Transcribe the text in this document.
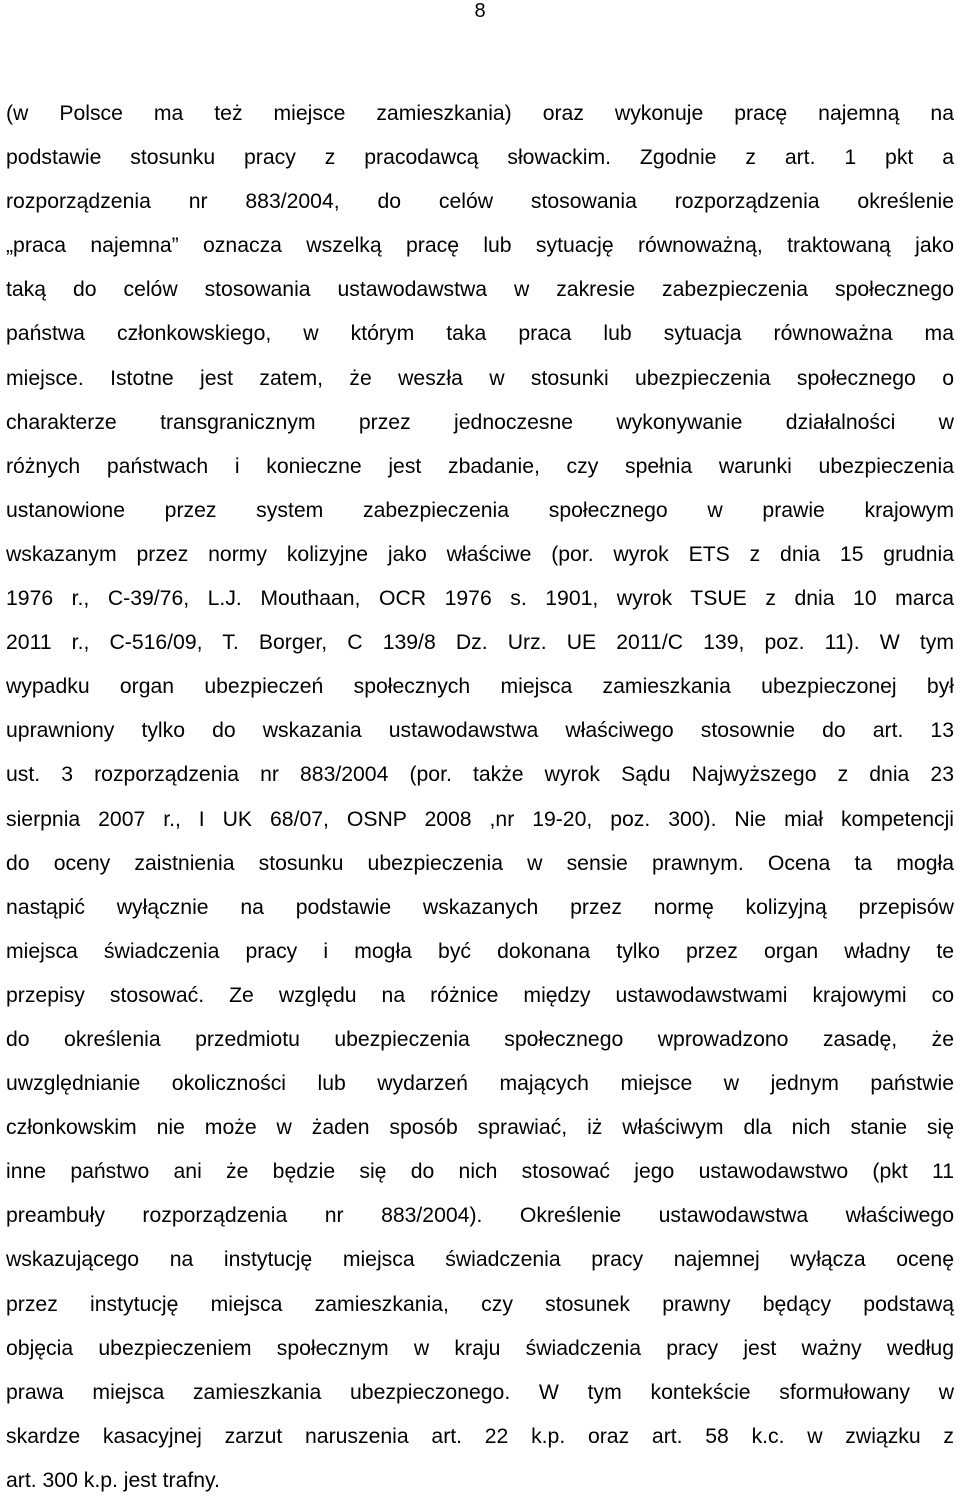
8

(w Polsce ma też miejsce zamieszkania) oraz wykonuje pracę najemną na
podstawie stosunku pracy z pracodawcą słowackim. Zgodnie z art. 1 pkt a
rozporządzenia nr 883/2004, do celów stosowania rozporządzenia określenie
„praca najemna” oznacza wszelką pracę lub sytuację równoważną, traktowaną jako
taką do celów stosowania ustawodawstwa w zakresie zabezpieczenia społecznego
państwa członkowskiego, w którym taka praca lub sytuacja równoważna ma
miejsce. Istotne jest zatem, że weszła w stosunki ubezpieczenia społecznego o
charakterze transgranicznym przez jednoczesne wykonywanie działalności w
różnych państwach i konieczne jest zbadanie, czy spełnia warunki ubezpieczenia
ustanowione przez system zabezpieczenia społecznego w prawie krajowym
wskazanym przez normy kolizyjne jako właściwe (por. wyrok ETS z dnia 15 grudnia
1976 r., C-39/76, L.J. Mouthaan, OCR 1976 s. 1901, wyrok TSUE z dnia 10 marca
2011 r., C-516/09, T. Borger, C 139/8 Dz. Urz. UE 2011/C 139, poz. 11). W tym
wypadku organ ubezpieczeń społecznych miejsca zamieszkania ubezpieczonej był
uprawniony tylko do wskazania ustawodawstwa właściwego stosownie do art. 13
ust. 3 rozporządzenia nr 883/2004 (por. także wyrok Sądu Najwyższego z dnia 23
sierpnia 2007 r., I UK 68/07, OSNP 2008 ,nr 19-20, poz. 300). Nie miał kompetencji
do oceny zaistnienia stosunku ubezpieczenia w sensie prawnym. Ocena ta mogła
nastąpić wyłącznie na podstawie wskazanych przez normę kolizyjną przepisów
miejsca świadczenia pracy i mogła być dokonana tylko przez organ władny te
przepisy stosować. Ze względu na różnice między ustawodawstwami krajowymi co
do określenia przedmiotu ubezpieczenia społecznego wprowadzono zasadę, że
uwzględnianie okoliczności lub wydarzeń mających miejsce w jednym państwie
członkowskim nie może w żaden sposób sprawiać, iż właściwym dla nich stanie się
inne państwo ani że będzie się do nich stosować jego ustawodawstwo (pkt 11
preambuły rozporządzenia nr 883/2004). Określenie ustawodawstwa właściwego
wskazującego na instytucję miejsca świadczenia pracy najemnej wyłącza ocenę
przez instytucję miejsca zamieszkania, czy stosunek prawny będący podstawą
objęcia ubezpieczeniem społecznym w kraju świadczenia pracy jest ważny według
prawa miejsca zamieszkania ubezpieczonego. W tym kontekście sformułowany w
skardze kasacyjnej zarzut naruszenia art. 22 k.p. oraz art. 58 k.c. w związku z
art. 300 k.p. jest trafny.
